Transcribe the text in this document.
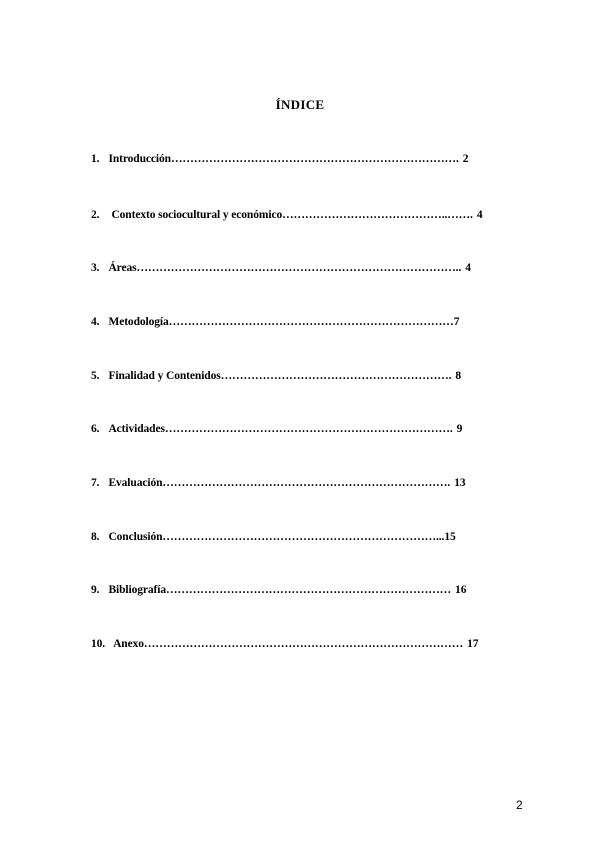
ÍNDICE
1. Introducción…………………………………………………………………. 2
2. Contexto sociocultural y económico……………………………………..……. 4
3. Áreas………………………………………………………………………….. 4
4. Metodología…………………………………………………………………7
5. Finalidad y Contenidos……………………………………………………. 8
6. Actividades…………………………………………………………………. 9
7. Evaluación…………………………………………………………………. 13
8. Conclusión………………………………………………………………...15
9. Bibliografía………………………………………………………………… 16
10. Anexo………………………………………………………………………… 17
2
